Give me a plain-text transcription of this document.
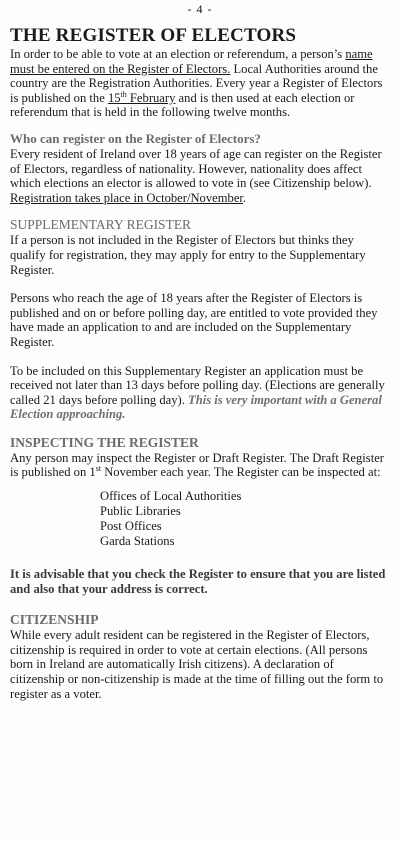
- 4 -
THE REGISTER OF ELECTORS

In order to be able to vote at an election or referendum, a person’s name must be entered on the Register of Electors. Local Authorities around the country are the Registration Authorities. Every year a Register of Electors is published on the 15th February and is then used at each election or referendum that is held in the following twelve months.

Who can register on the Register of Electors?

Every resident of Ireland over 18 years of age can register on the Register of Electors, regardless of nationality. However, nationality does affect which elections an elector is allowed to vote in (see Citizenship below). Registration takes place in October/November.

SUPPLEMENTARY REGISTER

If a person is not included in the Register of Electors but thinks they qualify for registration, they may apply for entry to the Supplementary Register.

Persons who reach the age of 18 years after the Register of Electors is published and on or before polling day, are entitled to vote provided they have made an application to and are included on the Supplementary Register.

To be included on this Supplementary Register an application must be received not later than 13 days before polling day. (Elections are generally called 21 days before polling day). This is very important with a General Election approaching.

INSPECTING THE REGISTER

Any person may inspect the Register or Draft Register. The Draft Register is published on 1st November each year. The Register can be inspected at:

Offices of Local Authorities
Public Libraries
Post Offices
Garda Stations

It is advisable that you check the Register to ensure that you are listed and also that your address is correct.

CITIZENSHIP

While every adult resident can be registered in the Register of Electors, citizenship is required in order to vote at certain elections. (All persons born in Ireland are automatically Irish citizens). A declaration of citizenship or non-citizenship is made at the time of filling out the form to register as a voter.
